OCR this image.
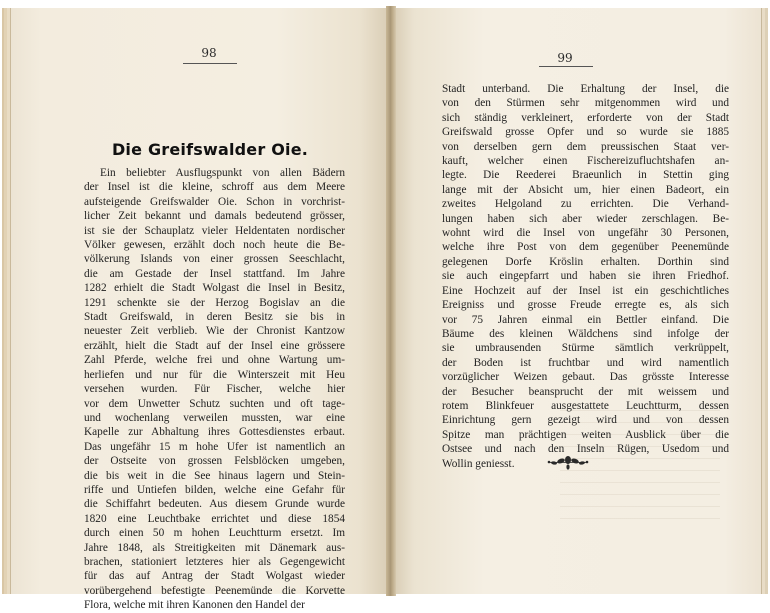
98	99
Die Greifswalder Oie.
Ein beliebter Ausflugspunkt von allen Bädern
der Insel ist die kleine, schroff aus dem Meere
aufsteigende Greifswalder Oie. Schon in vorchrist-
licher Zeit bekannt und damals bedeutend grösser,
ist sie der Schauplatz vieler Heldentaten nordischer
Völker gewesen, erzählt doch noch heute die Be-
völkerung Islands von einer grossen Seeschlacht,
die am Gestade der Insel stattfand. Im Jahre
1282 erhielt die Stadt Wolgast die Insel in Besitz,
1291 schenkte sie der Herzog Bogislav an die
Stadt Greifswald, in deren Besitz sie bis in
neuester Zeit verblieb. Wie der Chronist Kantzow
erzählt, hielt die Stadt auf der Insel eine grössere
Zahl Pferde, welche frei und ohne Wartung um-
herliefen und nur für die Winterszeit mit Heu
versehen wurden. Für Fischer, welche hier
vor dem Unwetter Schutz suchten und oft tage-
und wochenlang verweilen mussten, war eine
Kapelle zur Abhaltung ihres Gottesdienstes erbaut.
Das ungefähr 15 m hohe Ufer ist namentlich an
der Ostseite von grossen Felsblöcken umgeben,
die bis weit in die See hinaus lagern und Stein-
riffe und Untiefen bilden, welche eine Gefahr für
die Schiffahrt bedeuten. Aus diesem Grunde wurde
1820 eine Leuchtbake errichtet und diese 1854
durch einen 50 m hohen Leuchtturm ersetzt. Im
Jahre 1848, als Streitigkeiten mit Dänemark aus-
brachen, stationiert letzteres hier als Gegengewicht
für das auf Antrag der Stadt Wolgast wieder
vorübergehend befestigte Peenemünde die Korvette
Flora, welche mit ihren Kanonen den Handel der
Stadt unterband. Die Erhaltung der Insel, die
von den Stürmen sehr mitgenommen wird und
sich ständig verkleinert, erforderte von der Stadt
Greifswald grosse Opfer und so wurde sie 1885
von derselben gern dem preussischen Staat ver-
kauft, welcher einen Fischereizufluchtshafen an-
legte. Die Reederei Braeunlich in Stettin ging
lange mit der Absicht um, hier einen Badeort, ein
zweites Helgoland zu errichten. Die Verhand-
lungen haben sich aber wieder zerschlagen. Be-
wohnt wird die Insel von ungefähr 30 Personen,
welche ihre Post von dem gegenüber Peenemünde
gelegenen Dorfe Kröslin erhalten. Dorthin sind
sie auch eingepfarrt und haben sie ihren Friedhof.
Eine Hochzeit auf der Insel ist ein geschichtliches
Ereigniss und grosse Freude erregte es, als sich
vor 75 Jahren einmal ein Bettler einfand. Die
Bäume des kleinen Wäldchens sind infolge der
sie umbrausenden Stürme sämtlich verkrüppelt,
der Boden ist fruchtbar und wird namentlich
vorzüglicher Weizen gebaut. Das grösste Interesse
der Besucher beansprucht der mit weissem und
rotem Blinkfeuer ausgestattete Leuchtturm, dessen
Einrichtung gern gezeigt wird und von dessen
Spitze man prächtigen weiten Ausblick über die
Ostsee und nach den Inseln Rügen, Usedom und
Wollin geniesst.
